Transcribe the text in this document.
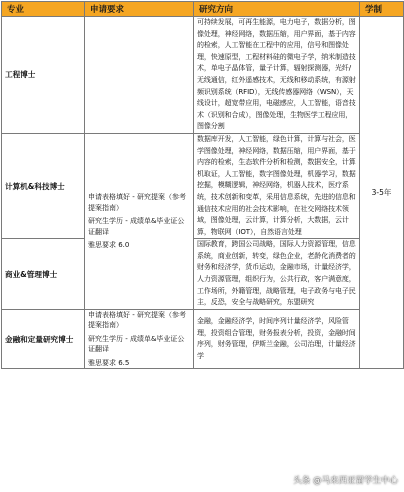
专业	申请要求	研究方向	学制
工程博士		可持续发展，可再生能源，电力电子，数据分析，图像处理，神经网络，数据压缩，用户界面，基于内容的检索，人工智能在工程中的应用，信号和图像处理，快速原型，工程材料硅的微电子学，纳米制造技术，单电子晶体管，量子计算，辐射探测器，光纤/无线通信，红外遥感技术，无线和移动系统，有源射频识别系统（RFID），无线传感器网络（WSN），天线设计，超宽带应用，电磁感应，人工智能，语音技术（识别和合成），图像处理，生物医学工程应用，图像分割	3-5年
计算机&科技博士	申请表格填好 - 研究提案（参考提案指南）
研究生学历 - 成绩单&毕业证公证翻译
雅思要求 6.0	数据库开发，人工智能，绿色计算，计算与社会，医学图像处理，神经网络，数据压缩，用户界面，基于内容的检索，生态软件分析和检测，数据安全，计算机取证，人工智能，数字图像处理，机器学习，数据挖掘，模糊逻辑，神经网络，机器人技术，医疗系统，技术创新和变革，采用信息系统，先进的信息和通信技术应用的社会技术影响，在社交网络技术领域，图像处理，云计算，计算分析，大数据，云计算，物联网（IOT），自然语言处理	
商业&管理博士		国际教育，跨国公司战略，国际人力资源管理，信息系统，商业创新，转变，绿色企业，老龄化消费者的财务和经济学，货币运动，金融市场，计量经济学，人力资源管理，组织行为，公共行政，客户满意度，工作场所，外籍管理，战略管理，电子政务与电子民主，反恐，安全与战略研究，东盟研究	
金融和定量研究博士	申请表格填好 - 研究提案（参考提案指南）
研究生学历 - 成绩单&毕业证公证翻译
雅思要求 6.5	金融，金融经济学，时间序列计量经济学，风险管理，投资组合管理，财务报表分析，投资，金融时间序列，财务管理，伊斯兰金融，公司治理，计量经济学	
头条 @马来西亚留学生中心
